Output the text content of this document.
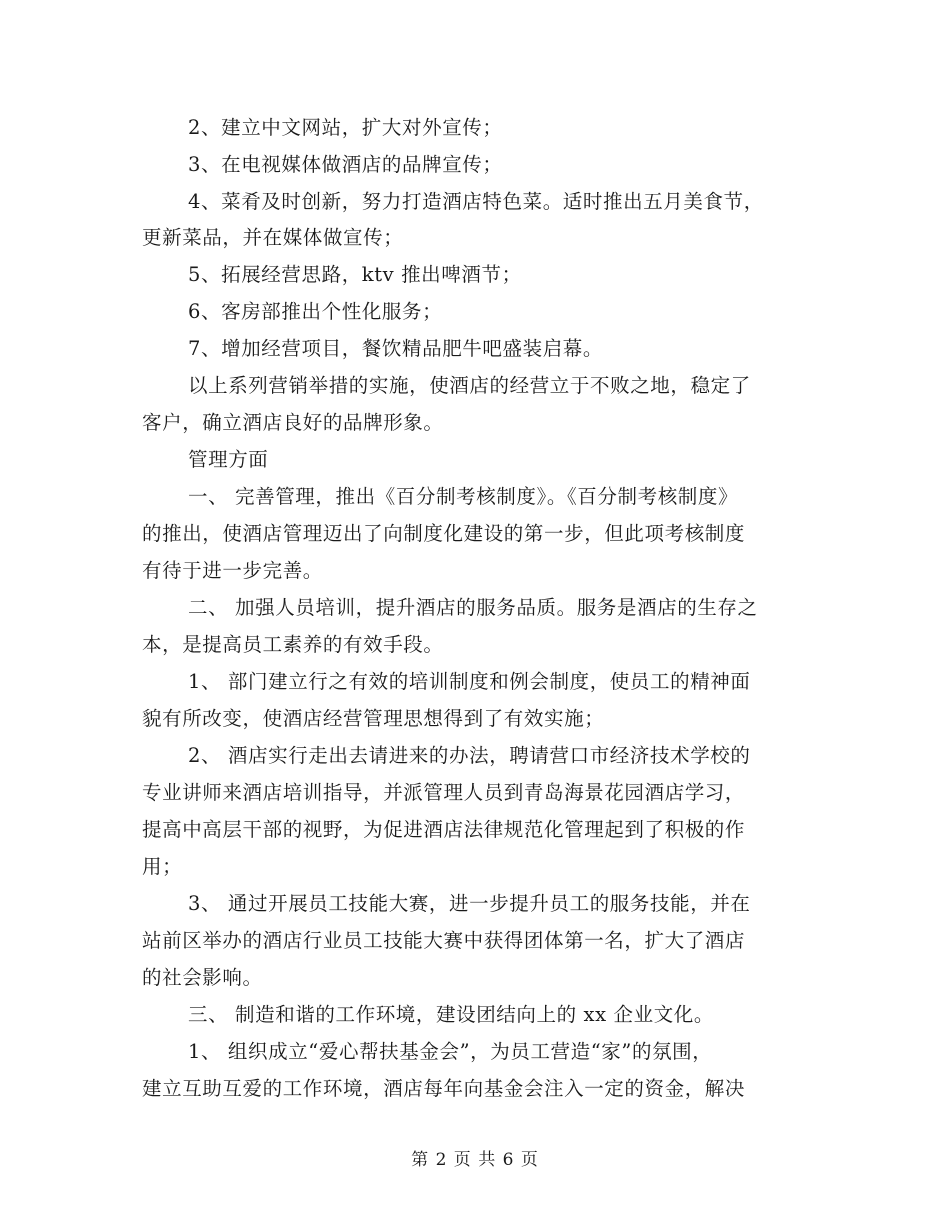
2、建立中文网站，扩大对外宣传；
3、在电视媒体做酒店的品牌宣传；
4、菜肴及时创新，努力打造酒店特色菜。适时推出五月美食节，
更新菜品，并在媒体做宣传；
5、拓展经营思路，ktv 推出啤酒节；
6、客房部推出个性化服务；
7、增加经营项目，餐饮精品肥牛吧盛装启幕。
以上系列营销举措的实施，使酒店的经营立于不败之地，稳定了
客户，确立酒店良好的品牌形象。
管理方面
一、 完善管理，推出《百分制考核制度》。《百分制考核制度》
的推出，使酒店管理迈出了向制度化建设的第一步，但此项考核制度
有待于进一步完善。
二、 加强人员培训，提升酒店的服务品质。服务是酒店的生存之
本，是提高员工素养的有效手段。
1、 部门建立行之有效的培训制度和例会制度，使员工的精神面
貌有所改变，使酒店经营管理思想得到了有效实施；
2、 酒店实行走出去请进来的办法，聘请营口市经济技术学校的
专业讲师来酒店培训指导，并派管理人员到青岛海景花园酒店学习，
提高中高层干部的视野，为促进酒店法律规范化管理起到了积极的作
用；
3、 通过开展员工技能大赛，进一步提升员工的服务技能，并在
站前区举办的酒店行业员工技能大赛中获得团体第一名，扩大了酒店
的社会影响。
三、 制造和谐的工作环境，建设团结向上的 xx 企业文化。
1、 组织成立“爱心帮扶基金会”，为员工营造“家”的氛围，
建立互助互爱的工作环境，酒店每年向基金会注入一定的资金，解决
第 2 页 共 6 页
